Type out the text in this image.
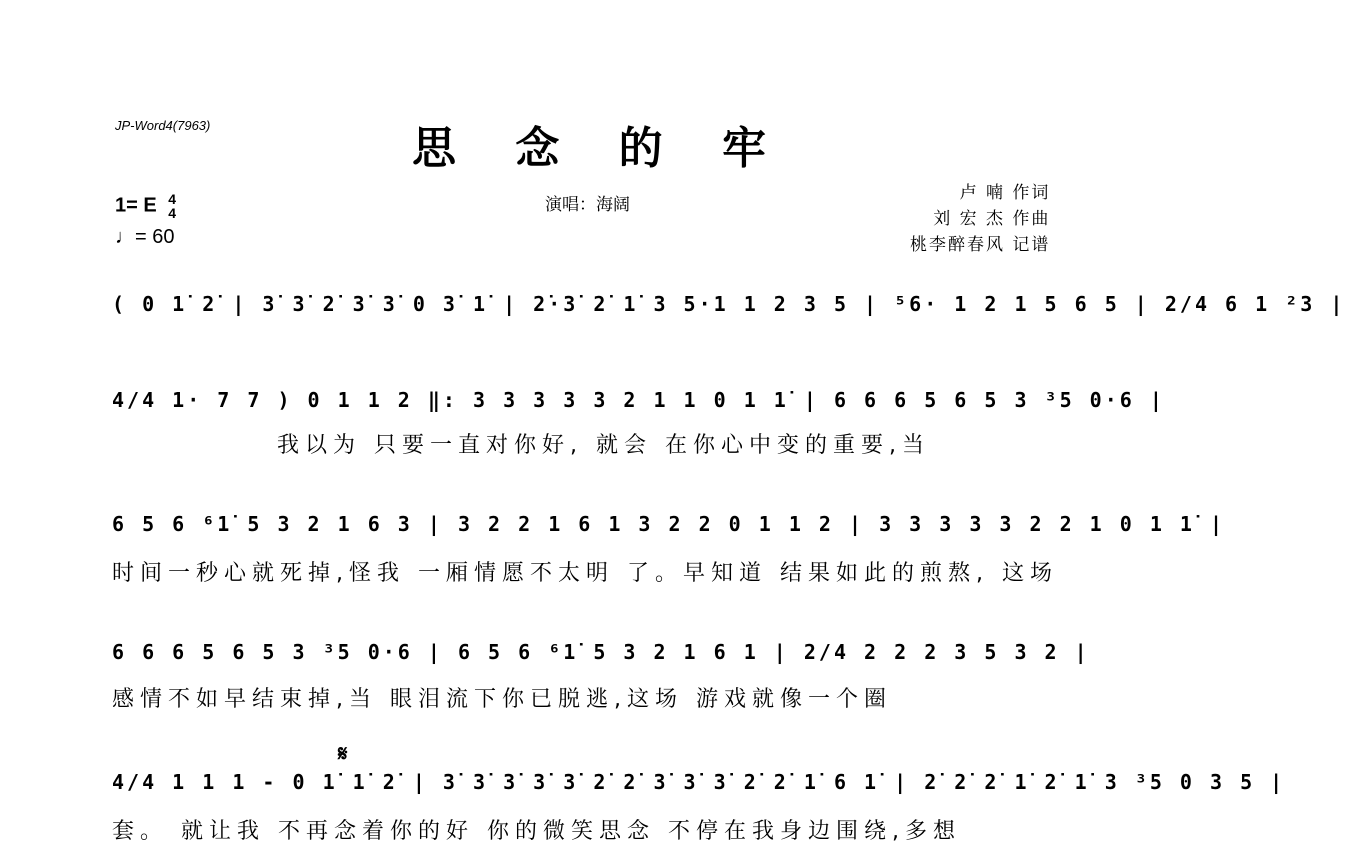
JP-Word4(7963)	思 念 的 牢
1= E 4
4
♩= 60
演唱：海阔
卢 喃 作词
刘 宏 杰 作曲
桃李醉春风 记谱
( 0 1̇ 2̇ | 3̇ 3̇ 2̇ 3̇ 3̇ 0 3̇ 1̇ | 2̇·3̇ 2̇ 1̇ 3 5·1 1 2 3 5 | ⁵6· 1 2 1 5 6 5 | 2/4 6 1 ²3 |
4/4 1· 7 7 ) 0 1 1 2 ‖: 3 3 3 3 3 2 1 1 0 1 1̇ | 6 6 6 5 6 5 3 ³5 0·6 |
我以为 只要一直对你好, 就会 在你心中变的重要,当
6 5 6 ⁶1̇ 5 3 2 1 6 3 | 3 2 2 1 6 1 3 2 2 0 1 1 2 | 3 3 3 3 3 2 2 1 0 1 1̇ |
时间一秒心就死掉,怪我 一厢情愿不太明 了。早知道 结果如此的煎熬, 这场
6 6 6 5 6 5 3 ³5 0·6 | 6 5 6 ⁶1̇ 5 3 2 1 6 1 | 2/4 2 2 2 3 5 3 2 |
感情不如早结束掉,当 眼泪流下你已脱逃,这场 游戏就像一个圈
𝄋
4/4 1 1 1 - 0 1̇ 1̇ 2̇ | 3̇ 3̇ 3̇ 3̇ 3̇ 2̇ 2̇ 3̇ 3̇ 3̇ 2̇ 2̇ 1̇ 6 1̇ | 2̇ 2̇ 2̇ 1̇ 2̇ 1̇ 3 ³5 0 3 5 |
套。 就让我 不再念着你的好 你的微笑思念 不停在我身边围绕,多想
